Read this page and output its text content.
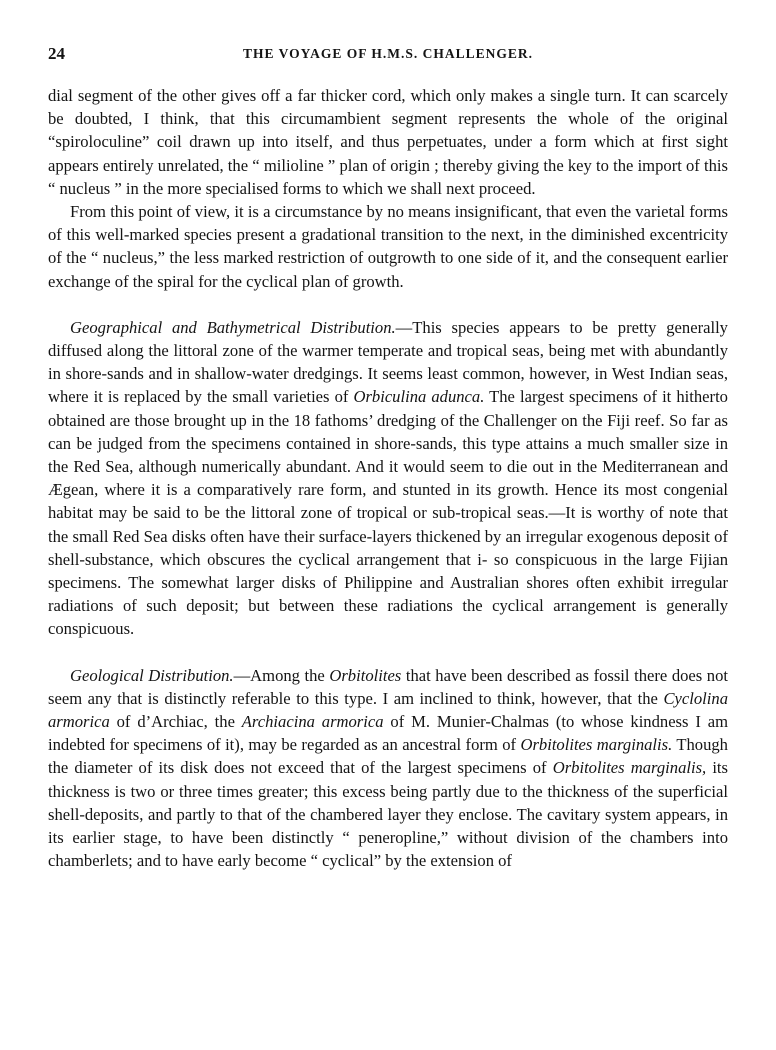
24	THE VOYAGE OF H.M.S. CHALLENGER.

dial segment of the other gives off a far thicker cord, which only makes a single turn. It can scarcely be doubted, I think, that this circumambient segment represents the whole of the original “spiroloculine” coil drawn up into itself, and thus perpetuates, under a form which at first sight appears entirely unrelated, the “ milioline ” plan of origin ; thereby giving the key to the import of this “ nucleus ” in the more specialised forms to which we shall next proceed.

From this point of view, it is a circumstance by no means insignificant, that even the varietal forms of this well-marked species present a gradational transition to the next, in the diminished excentricity of the “ nucleus,” the less marked restriction of outgrowth to one side of it, and the consequent earlier exchange of the spiral for the cyclical plan of growth.

Geographical and Bathymetrical Distribution.—This species appears to be pretty generally diffused along the littoral zone of the warmer temperate and tropical seas, being met with abundantly in shore-sands and in shallow-water dredgings. It seems least common, however, in West Indian seas, where it is replaced by the small varieties of Orbiculina adunca. The largest specimens of it hitherto obtained are those brought up in the 18 fathoms’ dredging of the Challenger on the Fiji reef. So far as can be judged from the specimens contained in shore-sands, this type attains a much smaller size in the Red Sea, although numerically abundant. And it would seem to die out in the Mediterranean and Ægean, where it is a comparatively rare form, and stunted in its growth. Hence its most congenial habitat may be said to be the littoral zone of tropical or sub-tropical seas.—It is worthy of note that the small Red Sea disks often have their surface-layers thickened by an irregular exogenous deposit of shell-substance, which obscures the cyclical arrangement that i- so conspicuous in the large Fijian specimens. The somewhat larger disks of Philippine and Australian shores often exhibit irregular radiations of such deposit; but between these radiations the cyclical arrangement is generally conspicuous.

Geological Distribution.—Among the Orbitolites that have been described as fossil there does not seem any that is distinctly referable to this type. I am inclined to think, however, that the Cyclolina armorica of d’Archiac, the Archiacina armorica of M. Munier-Chalmas (to whose kindness I am indebted for specimens of it), may be regarded as an ancestral form of Orbitolites marginalis. Though the diameter of its disk does not exceed that of the largest specimens of Orbitolites marginalis, its thickness is two or three times greater; this excess being partly due to the thickness of the superficial shell-deposits, and partly to that of the chambered layer they enclose. The cavitary system appears, in its earlier stage, to have been distinctly “ peneropline,” without division of the chambers into chamberlets; and to have early become “ cyclical” by the extension of
